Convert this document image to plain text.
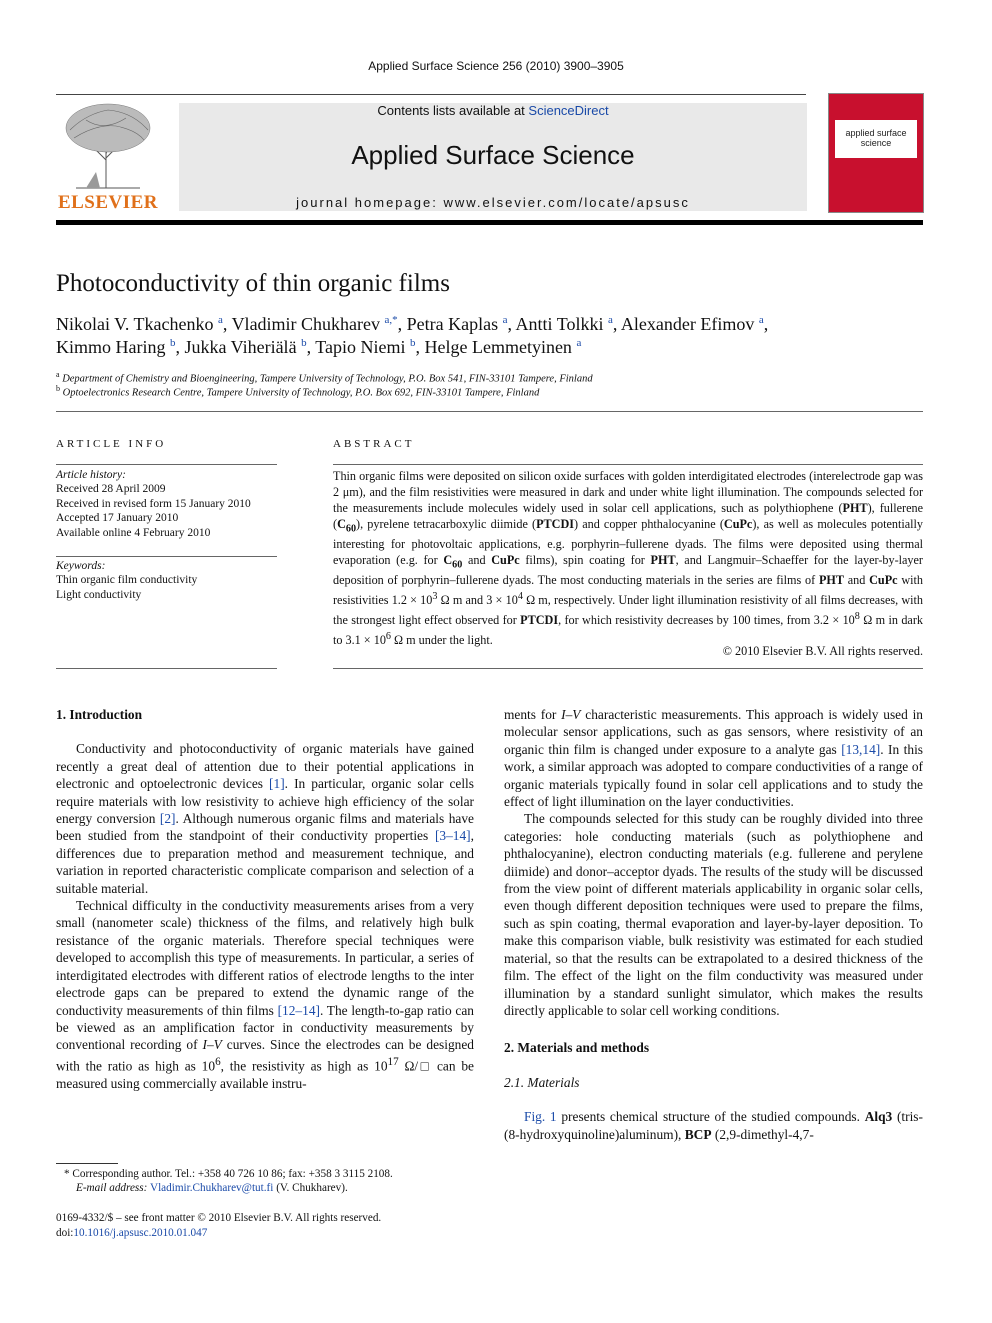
Applied Surface Science 256 (2010) 3900–3905
ELSEVIER
Contents lists available at ScienceDirect
Applied Surface Science
journal homepage: www.elsevier.com/locate/apsusc
applied surface science
Photoconductivity of thin organic films
Nikolai V. Tkachenko $^a$, Vladimir Chukharev $^{a,*}$, Petra Kaplas $^a$, Antti Tolkki $^a$, Alexander Efimov $^a$,
Kimmo Haring $^b$, Jukka Viheriälä $^b$, Tapio Niemi $^b$, Helge Lemmetyinen $^a$
$^a$ Department of Chemistry and Bioengineering, Tampere University of Technology, P.O. Box 541, FIN-33101 Tampere, Finland
$^b$ Optoelectronics Research Centre, Tampere University of Technology, P.O. Box 692, FIN-33101 Tampere, Finland
ARTICLE INFO	ABSTRACT
Article history:
Received 28 April 2009
Received in revised form 15 January 2010
Accepted 17 January 2010
Available online 4 February 2010
Keywords:
Thin organic film conductivity
Light conductivity
Thin organic films were deposited on silicon oxide surfaces with golden interdigitated electrodes (interelectrode gap was 2 μm), and the film resistivities were measured in dark and under white light illumination. The compounds selected for the measurements include molecules widely used in solar cell applications, such as polythiophene (PHT), fullerene $(C_{60})$, pyrelene tetracarboxylic diimide (PTCDI) and copper phthalocyanine (CuPc), as well as molecules potentially interesting for photovoltaic applications, e.g. porphyrin–fullerene dyads. The films were deposited using thermal evaporation (e.g. for $C_{60}$ and CuPc films), spin coating for PHT, and Langmuir–Schaeffer for the layer-by-layer deposition of porphyrin–fullerene dyads. The most conducting materials in the series are films of PHT and CuPc with resistivities $1.2 \times 10^3$ Ω m and $3 \times 10^4$ Ω m, respectively. Under light illumination resistivity of all films decreases, with the strongest light effect observed for PTCDI, for which resistivity decreases by 100 times, from $3.2 \times 10^8$ Ω m in dark to $3.1 \times 10^6$ Ω m under the light.
© 2010 Elsevier B.V. All rights reserved.
1. Introduction

Conductivity and photoconductivity of organic materials have gained recently a great deal of attention due to their potential applications in electronic and optoelectronic devices [1]. In particular, organic solar cells require materials with low resistivity to achieve high efficiency of the solar energy conversion [2]. Although numerous organic films and materials have been studied from the standpoint of their conductivity properties [3–14], differences due to preparation method and measurement technique, and variation in reported characteristic complicate comparison and selection of a suitable material.

Technical difficulty in the conductivity measurements arises from a very small (nanometer scale) thickness of the films, and relatively high bulk resistance of the organic materials. Therefore special techniques were developed to accomplish this type of measurements. In particular, a series of interdigitated electrodes with different ratios of electrode lengths to the inter electrode gaps can be prepared to extend the dynamic range of the conductivity measurements of thin films [12–14]. The length-to-gap ratio can be viewed as an amplification factor in conductivity measurements by conventional recording of I–V curves. Since the electrodes can be designed with the ratio as high as $10^6$, the resistivity as high as $10^{17}$ Ω/□ can be measured using commercially available instru-

ments for I–V characteristic measurements. This approach is widely used in molecular sensor applications, such as gas sensors, where resistivity of an organic thin film is changed under exposure to a analyte gas [13,14]. In this work, a similar approach was adopted to compare conductivities of a range of organic materials typically found in solar cell applications and to study the effect of light illumination on the layer conductivities.

The compounds selected for this study can be roughly divided into three categories: hole conducting materials (such as polythiophene and phthalocyanine), electron conducting materials (e.g. fullerene and perylene diimide) and donor–acceptor dyads. The results of the study will be discussed from the view point of different materials applicability in organic solar cells, even though different deposition techniques were used to prepare the films, such as spin coating, thermal evaporation and layer-by-layer deposition. To make this comparison viable, bulk resistivity was estimated for each studied material, so that the results can be extrapolated to a desired thickness of the film. The effect of the light on the film conductivity was measured under illumination by a standard sunlight simulator, which makes the results directly applicable to solar cell working conditions.

2. Materials and methods
2.1. Materials

Fig. 1 presents chemical structure of the studied compounds. Alq3 (tris-(8-hydroxyquinoline)aluminum), BCP (2,9-dimethyl-4,7-

* Corresponding author. Tel.: +358 40 726 10 86; fax: +358 3 3115 2108.
E-mail address: Vladimir.Chukharev@tut.fi (V. Chukharev).
0169-4332/$ – see front matter © 2010 Elsevier B.V. All rights reserved.
doi:10.1016/j.apsusc.2010.01.047
